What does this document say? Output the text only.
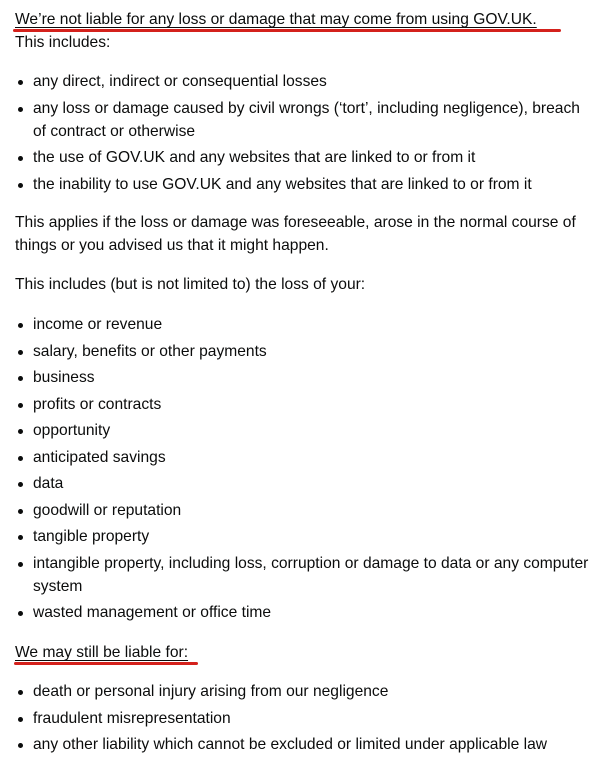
We’re not liable for any loss or damage that may come from using GOV.UK.

This includes:

any direct, indirect or consequential losses
any loss or damage caused by civil wrongs (‘tort’, including negligence), breach of contract or otherwise
the use of GOV.UK and any websites that are linked to or from it
the inability to use GOV.UK and any websites that are linked to or from it

This applies if the loss or damage was foreseeable, arose in the normal course of things or you advised us that it might happen.

This includes (but is not limited to) the loss of your:

income or revenue
salary, benefits or other payments
business
profits or contracts
opportunity
anticipated savings
data
goodwill or reputation
tangible property
intangible property, including loss, corruption or damage to data or any computer system
wasted management or office time

We may still be liable for:

death or personal injury arising from our negligence
fraudulent misrepresentation
any other liability which cannot be excluded or limited under applicable law
